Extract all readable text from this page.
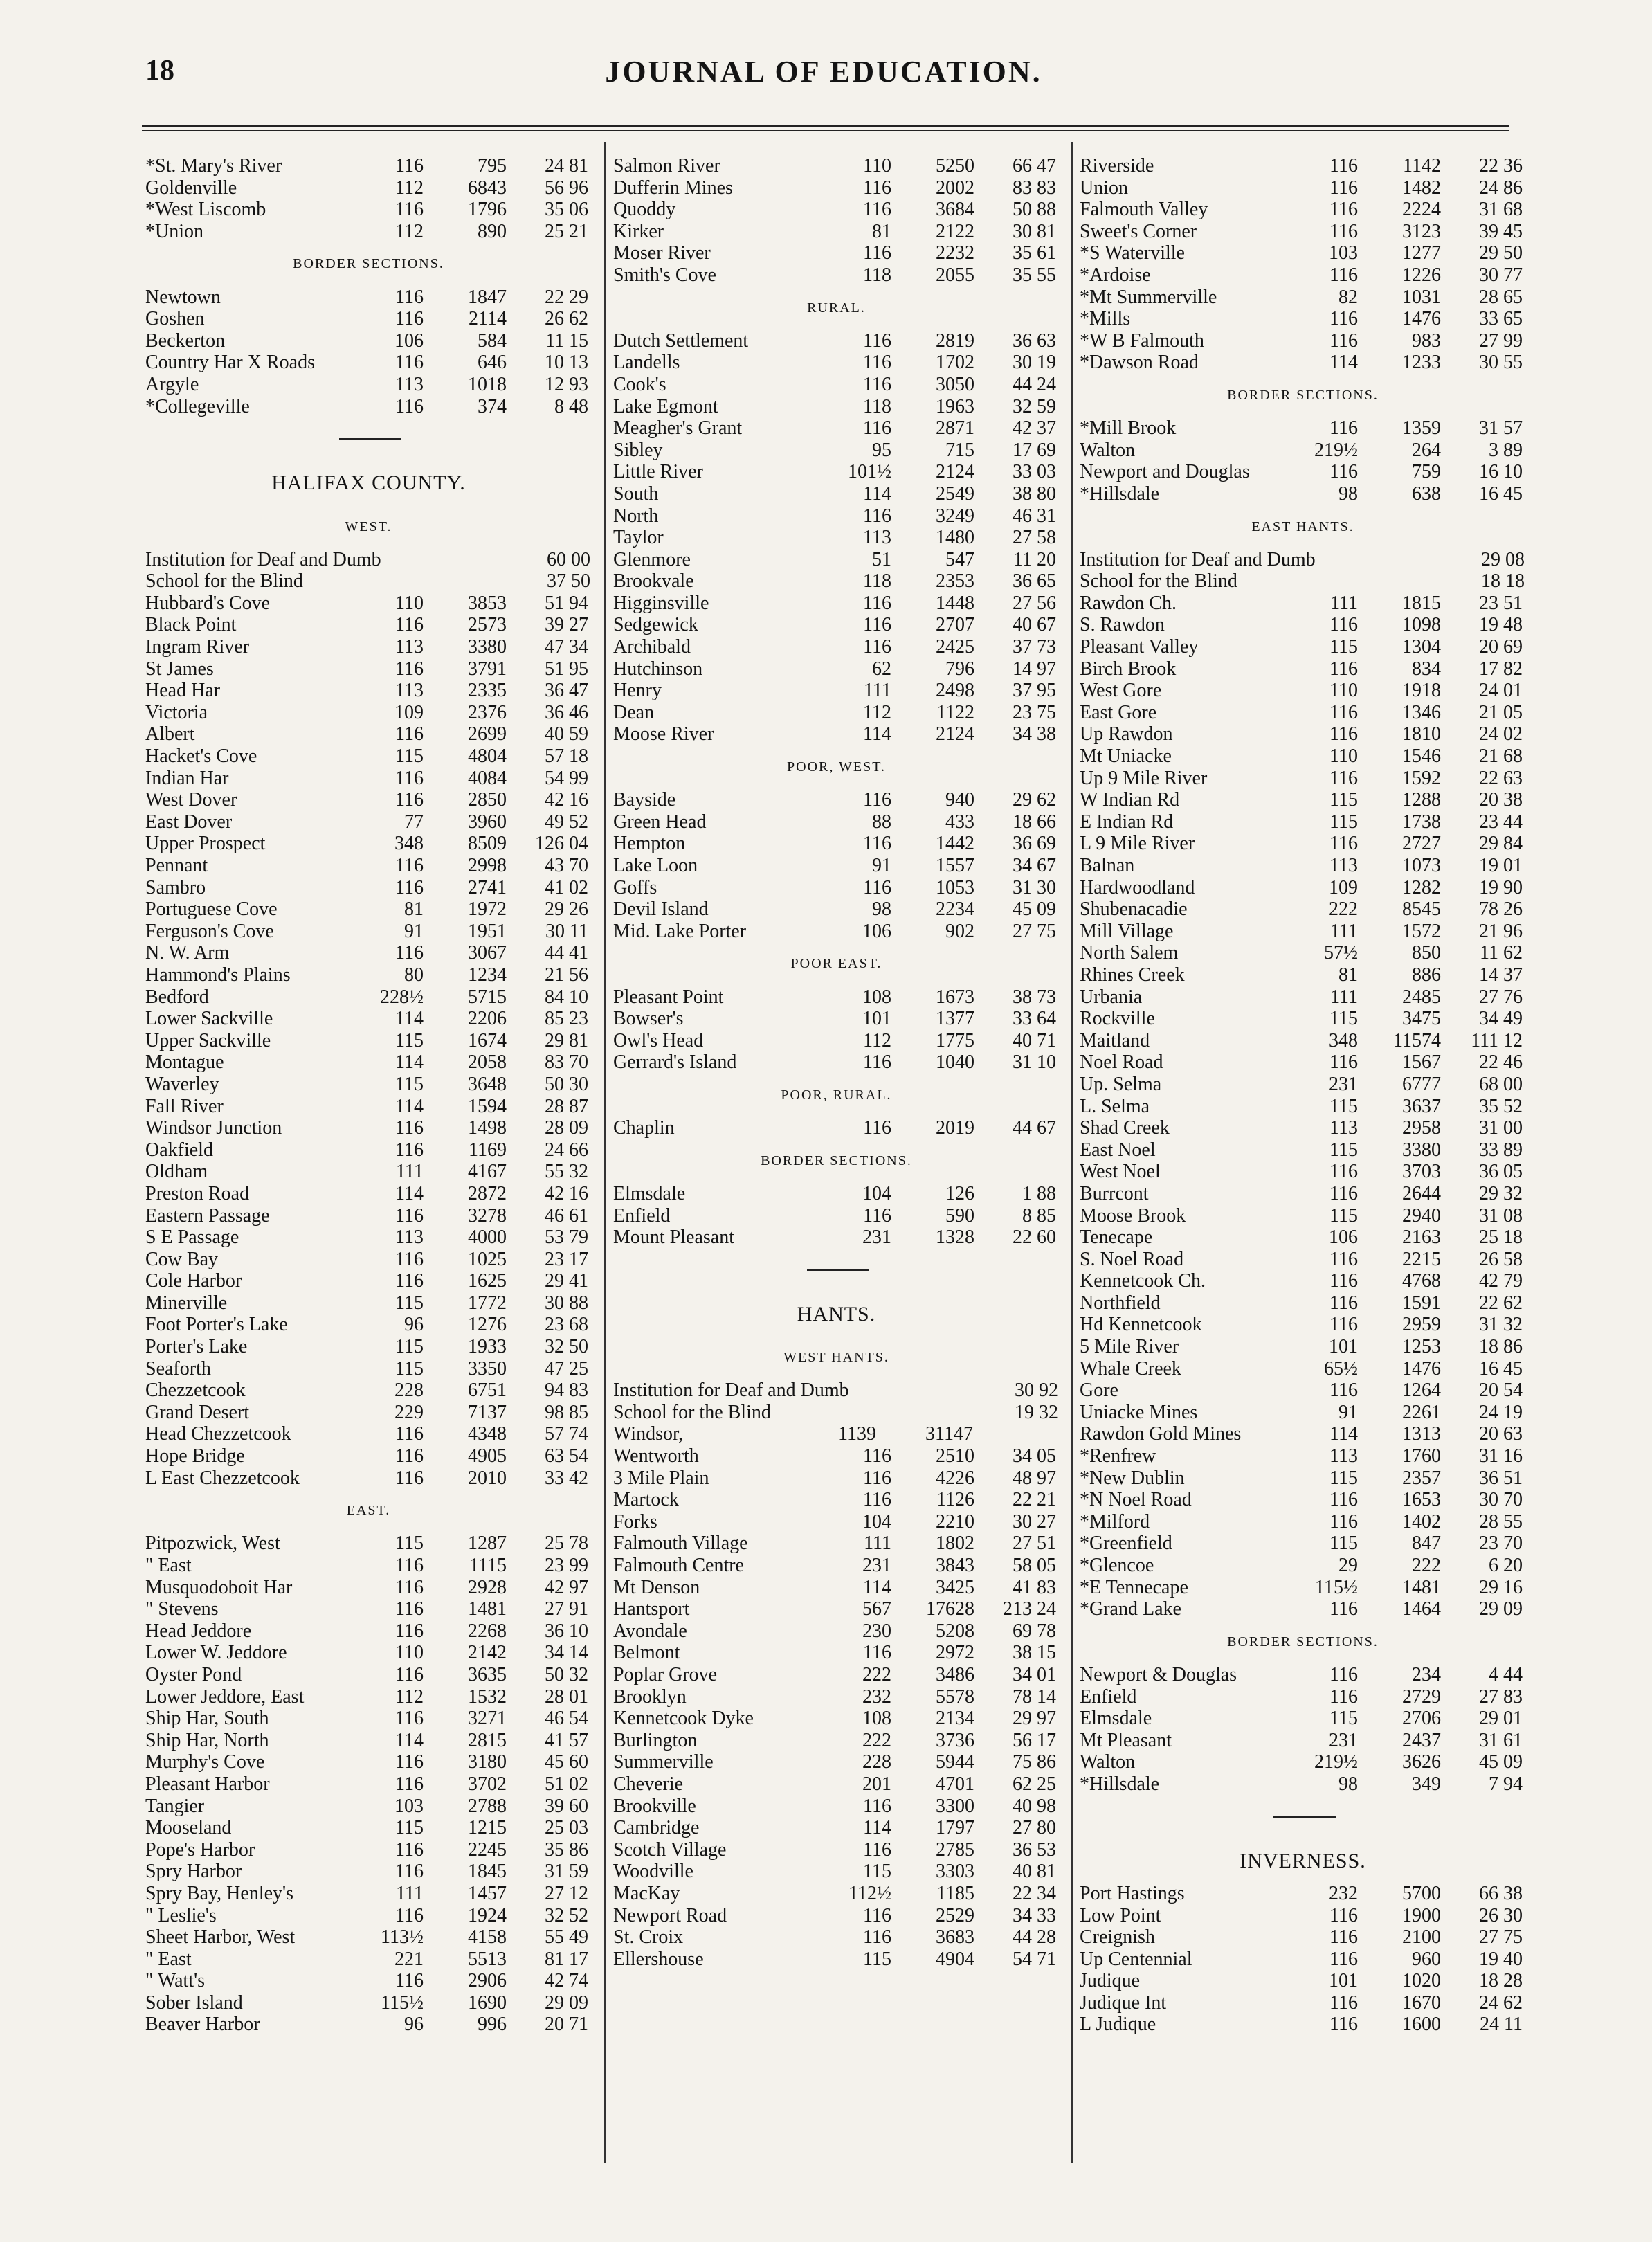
18	JOURNAL OF EDUCATION.
*St. Mary's River	116	795	24 81
Goldenville	112	6843	56 96
*West Liscomb	116	1796	35 06
*Union	112	890	25 21
BORDER SECTIONS.
Newtown	116	1847	22 29
Goshen	116	2114	26 62
Beckerton	106	584	11 15
Country Har X Roads	116	646	10 13
Argyle	113	1018	12 93
*Collegeville	116	374	8 48
HALIFAX COUNTY.
WEST.
Institution for Deaf and Dumb	60 00
School for the Blind	37 50
Hubbard's Cove	110	3853	51 94
Black Point	116	2573	39 27
Ingram River	113	3380	47 34
St James	116	3791	51 95
Head Har	113	2335	36 47
Victoria	109	2376	36 46
Albert	116	2699	40 59
Hacket's Cove	115	4804	57 18
Indian Har	116	4084	54 99
West Dover	116	2850	42 16
East Dover	77	3960	49 52
Upper Prospect	348	8509	126 04
Pennant	116	2998	43 70
Sambro	116	2741	41 02
Portuguese Cove	81	1972	29 26
Ferguson's Cove	91	1951	30 11
N. W. Arm	116	3067	44 41
Hammond's Plains	80	1234	21 56
Bedford	228½	5715	84 10
Lower Sackville	114	2206	85 23
Upper Sackville	115	1674	29 81
Montague	114	2058	83 70
Waverley	115	3648	50 30
Fall River	114	1594	28 87
Windsor Junction	116	1498	28 09
Oakfield	116	1169	24 66
Oldham	111	4167	55 32
Preston Road	114	2872	42 16
Eastern Passage	116	3278	46 61
S E Passage	113	4000	53 79
Cow Bay	116	1025	23 17
Cole Harbor	116	1625	29 41
Minerville	115	1772	30 88
Foot Porter's Lake	96	1276	23 68
Porter's Lake	115	1933	32 50
Seaforth	115	3350	47 25
Chezzetcook	228	6751	94 83
Grand Desert	229	7137	98 85
Head Chezzetcook	116	4348	57 74
Hope Bridge	116	4905	63 54
L East Chezzetcook	116	2010	33 42
EAST.
Pitpozwick, West	115	1287	25 78
" East	116	1115	23 99
Musquodoboit Har	116	2928	42 97
" Stevens	116	1481	27 91
Head Jeddore	116	2268	36 10
Lower W. Jeddore	110	2142	34 14
Oyster Pond	116	3635	50 32
Lower Jeddore, East	112	1532	28 01
Ship Har, South	116	3271	46 54
Ship Har, North	114	2815	41 57
Murphy's Cove	116	3180	45 60
Pleasant Harbor	116	3702	51 02
Tangier	103	2788	39 60
Mooseland	115	1215	25 03
Pope's Harbor	116	2245	35 86
Spry Harbor	116	1845	31 59
Spry Bay, Henley's	111	1457	27 12
" Leslie's	116	1924	32 52
Sheet Harbor, West	113½	4158	55 49
" East	221	5513	81 17
" Watt's	116	2906	42 74
Sober Island	115½	1690	29 09
Beaver Harbor	96	996	20 71
Salmon River	110	5250	66 47
Dufferin Mines	116	2002	83 83
Quoddy	116	3684	50 88
Kirker	81	2122	30 81
Moser River	116	2232	35 61
Smith's Cove	118	2055	35 55
RURAL.
Dutch Settlement	116	2819	36 63
Landells	116	1702	30 19
Cook's	116	3050	44 24
Lake Egmont	118	1963	32 59
Meagher's Grant	116	2871	42 37
Sibley	95	715	17 69
Little River	101½	2124	33 03
South	114	2549	38 80
North	116	3249	46 31
Taylor	113	1480	27 58
Glenmore	51	547	11 20
Brookvale	118	2353	36 65
Higginsville	116	1448	27 56
Sedgewick	116	2707	40 67
Archibald	116	2425	37 73
Hutchinson	62	796	14 97
Henry	111	2498	37 95
Dean	112	1122	23 75
Moose River	114	2124	34 38
POOR, WEST.
Bayside	116	940	29 62
Green Head	88	433	18 66
Hempton	116	1442	36 69
Lake Loon	91	1557	34 67
Goffs	116	1053	31 30
Devil Island	98	2234	45 09
Mid. Lake Porter	106	902	27 75
POOR EAST.
Pleasant Point	108	1673	38 73
Bowser's	101	1377	33 64
Owl's Head	112	1775	40 71
Gerrard's Island	116	1040	31 10
POOR, RURAL.
Chaplin	116	2019	44 67
BORDER SECTIONS.
Elmsdale	104	126	1 88
Enfield	116	590	8 85
Mount Pleasant	231	1328	22 60
HANTS.
WEST HANTS.
Institution for Deaf and Dumb	30 92
School for the Blind	19 32
Windsor,	1139	31147
Wentworth	116	2510	34 05
3 Mile Plain	116	4226	48 97
Martock	116	1126	22 21
Forks	104	2210	30 27
Falmouth Village	111	1802	27 51
Falmouth Centre	231	3843	58 05
Mt Denson	114	3425	41 83
Hantsport	567	17628	213 24
Avondale	230	5208	69 78
Belmont	116	2972	38 15
Poplar Grove	222	3486	34 01
Brooklyn	232	5578	78 14
Kennetcook Dyke	108	2134	29 97
Burlington	222	3736	56 17
Summerville	228	5944	75 86
Cheverie	201	4701	62 25
Brookville	116	3300	40 98
Cambridge	114	1797	27 80
Scotch Village	116	2785	36 53
Woodville	115	3303	40 81
MacKay	112½	1185	22 34
Newport Road	116	2529	34 33
St. Croix	116	3683	44 28
Ellershouse	115	4904	54 71
Riverside	116	1142	22 36
Union	116	1482	24 86
Falmouth Valley	116	2224	31 68
Sweet's Corner	116	3123	39 45
*S Waterville	103	1277	29 50
*Ardoise	116	1226	30 77
*Mt Summerville	82	1031	28 65
*Mills	116	1476	33 65
*W B Falmouth	116	983	27 99
*Dawson Road	114	1233	30 55
BORDER SECTIONS.
*Mill Brook	116	1359	31 57
Walton	219½	264	3 89
Newport and Douglas	116	759	16 10
*Hillsdale	98	638	16 45
EAST HANTS.
Institution for Deaf and Dumb	29 08
School for the Blind	18 18
Rawdon Ch.	111	1815	23 51
S. Rawdon	116	1098	19 48
Pleasant Valley	115	1304	20 69
Birch Brook	116	834	17 82
West Gore	110	1918	24 01
East Gore	116	1346	21 05
Up Rawdon	116	1810	24 02
Mt Uniacke	110	1546	21 68
Up 9 Mile River	116	1592	22 63
W Indian Rd	115	1288	20 38
E Indian Rd	115	1738	23 44
L 9 Mile River	116	2727	29 84
Balnan	113	1073	19 01
Hardwoodland	109	1282	19 90
Shubenacadie	222	8545	78 26
Mill Village	111	1572	21 96
North Salem	57½	850	11 62
Rhines Creek	81	886	14 37
Urbania	111	2485	27 76
Rockville	115	3475	34 49
Maitland	348	11574	111 12
Noel Road	116	1567	22 46
Up. Selma	231	6777	68 00
L. Selma	115	3637	35 52
Shad Creek	113	2958	31 00
East Noel	115	3380	33 89
West Noel	116	3703	36 05
Burrcont	116	2644	29 32
Moose Brook	115	2940	31 08
Tenecape	106	2163	25 18
S. Noel Road	116	2215	26 58
Kennetcook Ch.	116	4768	42 79
Northfield	116	1591	22 62
Hd Kennetcook	116	2959	31 32
5 Mile River	101	1253	18 86
Whale Creek	65½	1476	16 45
Gore	116	1264	20 54
Uniacke Mines	91	2261	24 19
Rawdon Gold Mines	114	1313	20 63
*Renfrew	113	1760	31 16
*New Dublin	115	2357	36 51
*N Noel Road	116	1653	30 70
*Milford	116	1402	28 55
*Greenfield	115	847	23 70
*Glencoe	29	222	6 20
*E Tennecape	115½	1481	29 16
*Grand Lake	116	1464	29 09
BORDER SECTIONS.
Newport & Douglas	116	234	4 44
Enfield	116	2729	27 83
Elmsdale	115	2706	29 01
Mt Pleasant	231	2437	31 61
Walton	219½	3626	45 09
*Hillsdale	98	349	7 94
INVERNESS.
Port Hastings	232	5700	66 38
Low Point	116	1900	26 30
Creignish	116	2100	27 75
Up Centennial	116	960	19 40
Judique	101	1020	18 28
Judique Int	116	1670	24 62
L Judique	116	1600	24 11
